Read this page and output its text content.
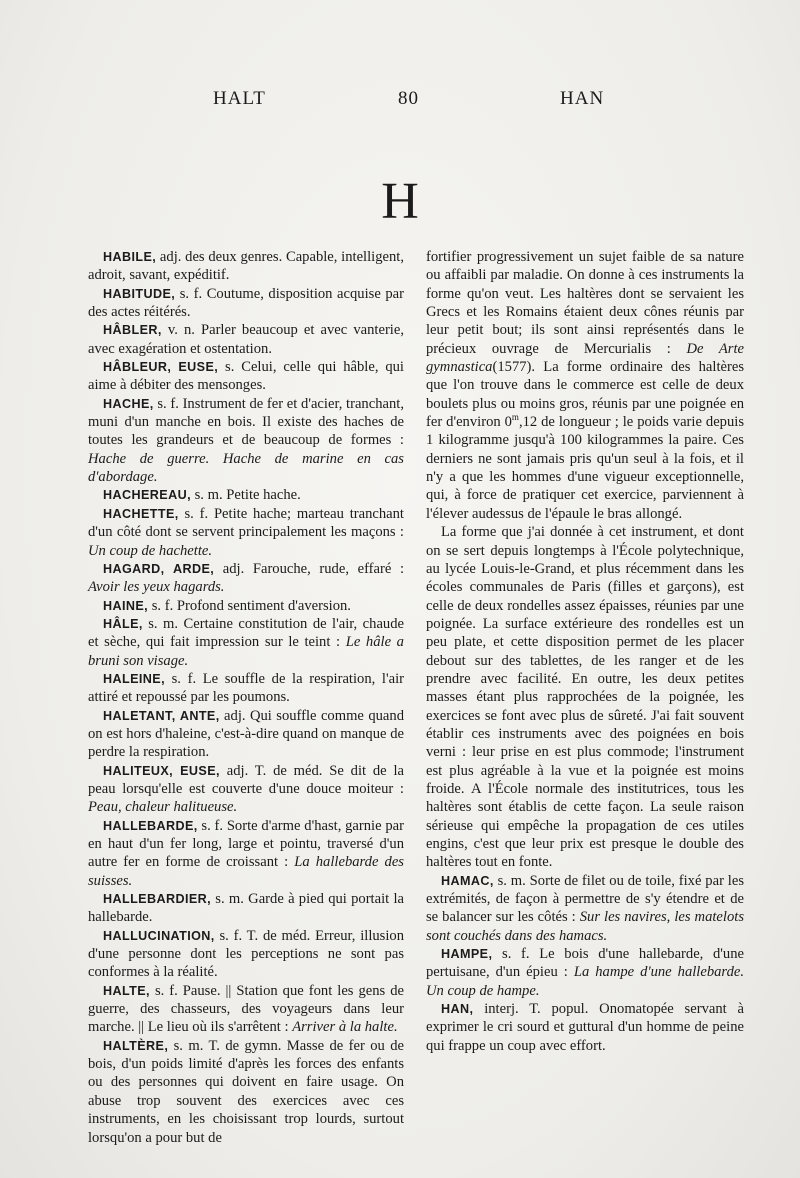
HALT	80	HAN
H

HABILE, adj. des deux genres. Capable, intelligent, adroit, savant, expéditif.

HABITUDE, s. f. Coutume, disposition acquise par des actes réitérés.

HÂBLER, v. n. Parler beaucoup et avec vanterie, avec exagération et ostentation.

HÂBLEUR, EUSE, s. Celui, celle qui hâble, qui aime à débiter des mensonges.

HACHE, s. f. Instrument de fer et d'acier, tranchant, muni d'un manche en bois. Il existe des haches de toutes les grandeurs et de beaucoup de formes : Hache de guerre. Hache de marine en cas d'abordage.

HACHEREAU, s. m. Petite hache.

HACHETTE, s. f. Petite hache; marteau tranchant d'un côté dont se servent principalement les maçons : Un coup de hachette.

HAGARD, ARDE, adj. Farouche, rude, effaré : Avoir les yeux hagards.

HAINE, s. f. Profond sentiment d'aversion.

HÂLE, s. m. Certaine constitution de l'air, chaude et sèche, qui fait impression sur le teint : Le hâle a bruni son visage.

HALEINE, s. f. Le souffle de la respiration, l'air attiré et repoussé par les poumons.

HALETANT, ANTE, adj. Qui souffle comme quand on est hors d'haleine, c'est-à-dire quand on manque de perdre la respiration.

HALITEUX, EUSE, adj. T. de méd. Se dit de la peau lorsqu'elle est couverte d'une douce moiteur : Peau, chaleur halitueuse.

HALLEBARDE, s. f. Sorte d'arme d'hast, garnie par en haut d'un fer long, large et pointu, traversé d'un autre fer en forme de croissant : La hallebarde des suisses.

HALLEBARDIER, s. m. Garde à pied qui portait la hallebarde.

HALLUCINATION, s. f. T. de méd. Erreur, illusion d'une personne dont les perceptions ne sont pas conformes à la réalité.

HALTE, s. f. Pause. || Station que font les gens de guerre, des chasseurs, des voyageurs dans leur marche. || Le lieu où ils s'arrêtent : Arriver à la halte.

HALTÈRE, s. m. T. de gymn. Masse de fer ou de bois, d'un poids limité d'après les forces des enfants ou des personnes qui doivent en faire usage. On abuse trop souvent des exercices avec ces instruments, en les choisissant trop lourds, surtout lorsqu'on a pour but de

fortifier progressivement un sujet faible de sa nature ou affaibli par maladie. On donne à ces instruments la forme qu'on veut. Les haltères dont se servaient les Grecs et les Romains étaient deux cônes réunis par leur petit bout; ils sont ainsi représentés dans le précieux ouvrage de Mercurialis : De Arte gymnastica(1577). La forme ordinaire des haltères que l'on trouve dans le commerce est celle de deux boulets plus ou moins gros, réunis par une poignée en fer d'environ 0$^m$,12 de longueur ; le poids varie depuis 1 kilogramme jusqu'à 100 kilogrammes la paire. Ces derniers ne sont jamais pris qu'un seul à la fois, et il n'y a que les hommes d'une vigueur exceptionnelle, qui, à force de pratiquer cet exercice, parviennent à l'élever audessus de l'épaule le bras allongé.

La forme que j'ai donnée à cet instrument, et dont on se sert depuis longtemps à l'École polytechnique, au lycée Louis-le-Grand, et plus récemment dans les écoles communales de Paris (filles et garçons), est celle de deux rondelles assez épaisses, réunies par une poignée. La surface extérieure des rondelles est un peu plate, et cette disposition permet de les placer debout sur des tablettes, de les ranger et de les prendre avec facilité. En outre, les deux petites masses étant plus rapprochées de la poignée, les exercices se font avec plus de sûreté. J'ai fait souvent établir ces instruments avec des poignées en bois verni : leur prise en est plus commode; l'instrument est plus agréable à la vue et la poignée est moins froide. A l'École normale des institutrices, tous les haltères sont établis de cette façon. La seule raison sérieuse qui empêche la propagation de ces utiles engins, c'est que leur prix est presque le double des haltères tout en fonte.

HAMAC, s. m. Sorte de filet ou de toile, fixé par les extrémités, de façon à permettre de s'y étendre et de se balancer sur les côtés : Sur les navires, les matelots sont couchés dans des hamacs.

HAMPE, s. f. Le bois d'une hallebarde, d'une pertuisane, d'un épieu : La hampe d'une hallebarde. Un coup de hampe.

HAN, interj. T. popul. Onomatopée servant à exprimer le cri sourd et guttural d'un homme de peine qui frappe un coup avec effort.
